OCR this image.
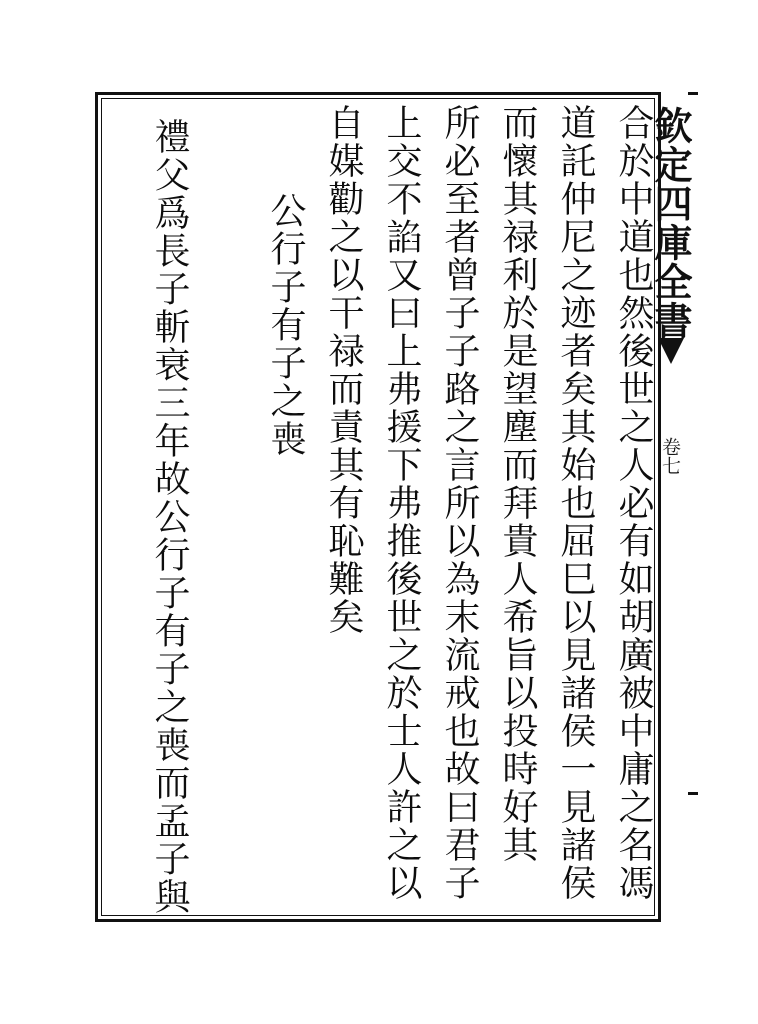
欽定四庫全書
卷七
合於中道也然後世之人必有如胡廣被中庸之名馮
道託仲尼之迹者矣其始也屈巳以見諸侯一見諸侯
而懷其禄利於是望塵而拜貴人希旨以投時好其
所必至者曾子子路之言所以為末流戒也故曰君子
上交不諂又曰上弗援下弗推後世之於士人許之以
自媒勸之以干禄而責其有恥難矣
公行子有子之喪
禮父爲長子斬衰三年故公行子有子之喪而孟子與
